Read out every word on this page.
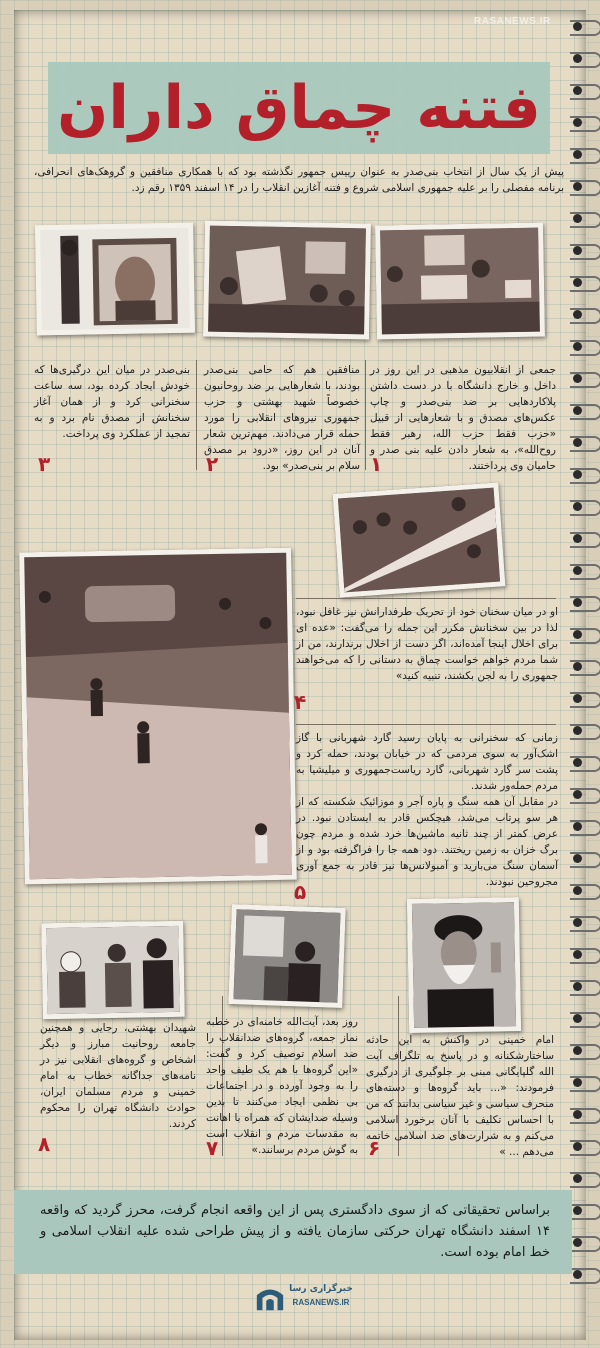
RASANEWS.IR
فتنه چماق داران
پیش از یک سال از انتخاب بنی‌صدر به عنوان رییس جمهور نگذشته بود که با همکاری منافقین و گروهک‌های انحرافی، برنامه مفصلی را بر علیه جمهوری اسلامی شروع و فتنه آغازین انقلاب را در ۱۴ اسفند ۱۳۵۹ رقم زد.
جمعی از انقلابیون مذهبی در این روز در داخل و خارج دانشگاه با در دست داشتن پلاکاردهایی بر ضد بنی‌صدر و چاپ عکس‌های مصدق و با شعارهایی از قبیل «حزب فقط حزب الله، رهبر فقط روح‌الله»، به شعار دادن علیه بنی صدر و حامیان وی پرداختند.
۱
منافقین هم که حامی بنی‌صدر بودند، با شعارهایی بر ضد روحانیون خصوصاً شهید بهشتی و حزب جمهوری نیروهای انقلابی را مورد حمله قرار می‌دادند. مهم‌ترین شعار آنان در این روز، «درود بر مصدق سلام بر بنی‌صدر» بود.
۲
بنی‌صدر در میان این درگیری‌ها که خودش ایجاد کرده بود، سه ساعت سخنرانی کرد و از همان آغاز سخنانش از مصدق نام برد و به تمجید از عملکرد وی پرداخت.
۳
او در میان سخنان خود از تحریک طرفدارانش نیز غافل نبود، لذا در بین سخنانش مکرر این جمله را می‌گفت: «عده ای برای اخلال اینجا آمده‌اند، اگر دست از اخلال برندارند، من از شما مردم خواهم خواست چماق به دستانی را که می‌خواهند جمهوری را به لجن بکشند، تنبیه کنید»
۴
زمانی که سخنرانی به پایان رسید گارد شهربانی با گاز اشک‌آور به سوی مردمی که در خیابان بودند، حمله کرد و پشت سر گارد شهربانی، گارد ریاست‌جمهوری و میلیشیا به مردم حمله‌ور شدند.
در مقابل آن همه سنگ و پاره آجر و موزائیک شکسته که از هر سو پرتاب می‌شد، هیچکس قادر به ایستادن نبود. در عرض کمتر از چند ثانیه ماشین‌ها خرد شده و مردم چون برگ خزان به زمین ریختند. دود همه جا را فراگرفته بود و از آسمان سنگ می‌بارید و آمبولانس‌ها نیز قادر به جمع آوری مجروحین نبودند.
۵
امام خمینی در واکنش به این حادثه ساختارشکنانه و در پاسخ به تلگراف آیت الله گلپایگانی مبنی بر جلوگیری از درگیری فرمودند: «... باید گروه‌ها و دسته‌های منحرف سیاسی و غیر سیاسی بدانند که من با احساس تکلیف با آنان برخورد اسلامی می‌کنم و به شرارت‌های ضد اسلامی خاتمه می‌دهم ... »
۶
روز بعد، آیت‌الله خامنه‌ای در خطبه نماز جمعه، گروه‌های ضدانقلاب را ضد اسلام توصیف کرد و گفت: «این گروه‌ها با هم یک طیف واحد را به وجود آورده و در اجتماعات بی نظمی ایجاد می‌کنند تا بدین وسیله صدایشان که همراه با اهانت به مقدسات مردم و انقلاب است به گوش مردم برسانند.»
۷
شهیدان بهشتی، رجایی و همچنین جامعه روحانیت مبارز و دیگر اشخاص و گروه‌های انقلابی نیز در نامه‌های جداگانه خطاب به امام خمینی و مردم مسلمان ایران، حوادث دانشگاه تهران را محکوم کردند.
۸
براساس تحقیقاتی که از سوی دادگستری پس از این واقعه انجام گرفت، محرز گردید که واقعه ۱۴ اسفند دانشگاه تهران حرکتی سازمان یافته و از پیش طراحی شده علیه انقلاب اسلامی و خط امام بوده است.
خبرگزاری رسا
RASANEWS.IR
